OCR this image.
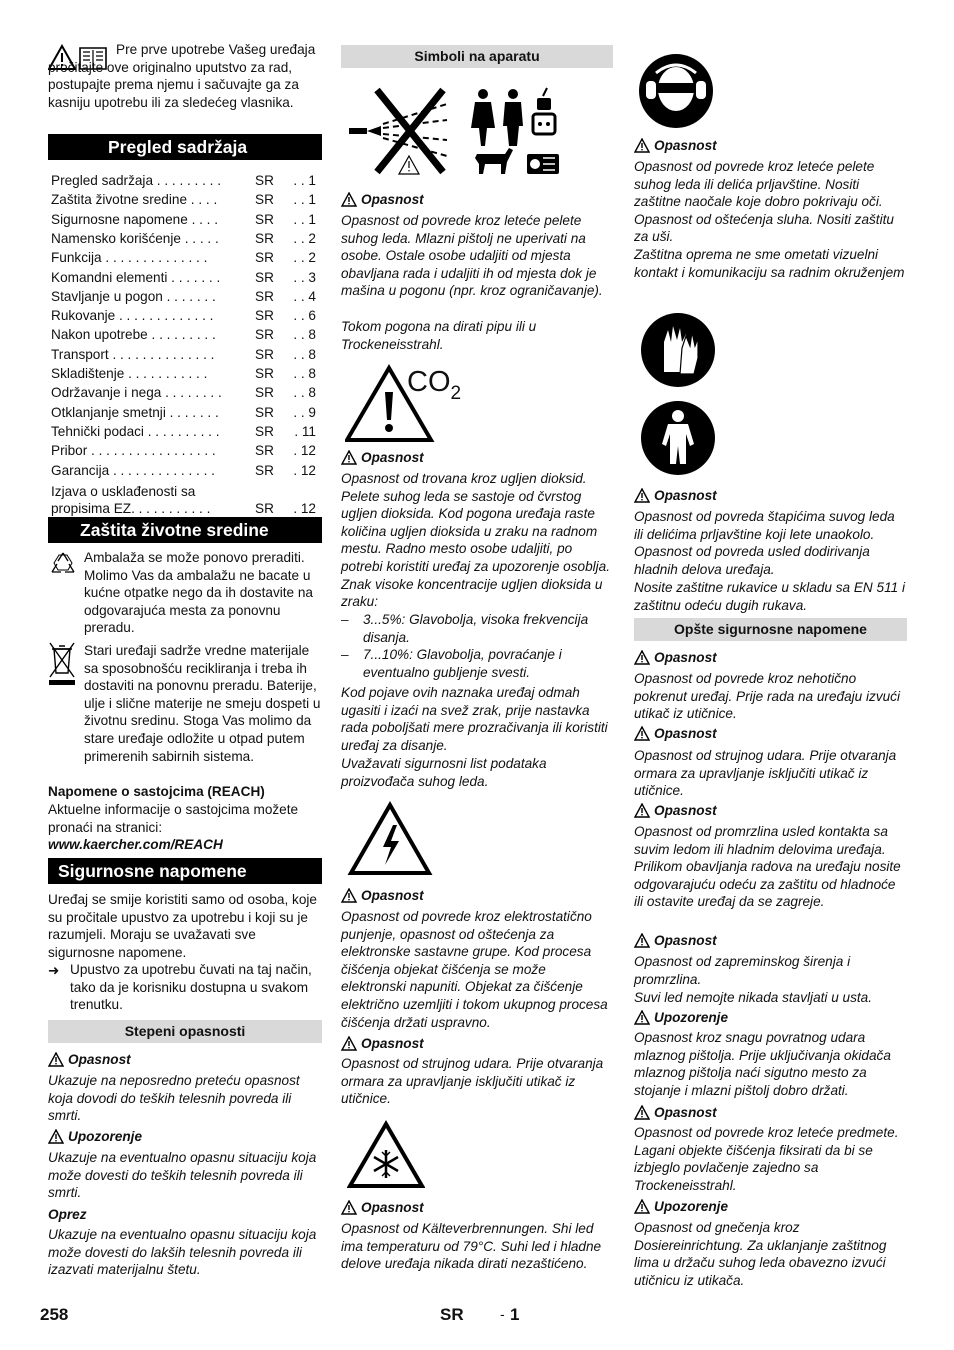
Pre prve upotrebe Vašeg uređaja pročitajte ove originalno uputstvo za rad, postupajte prema njemu i sačuvajte ga za kasniju upotrebu ili za sledećeg vlasnika.
Pregled sadržaja
Pregled sadržaja . . . . . . . . .	SR . . 1
Zaštita životne sredine . . . .	SR . . 1
Sigurnosne napomene . . . .	SR . . 1
Namensko korišćenje . . . . .	SR . . 2
Funkcija . . . . . . . . . . . . . .	SR . . 2
Komandni elementi . . . . . . .	SR . . 3
Stavljanje u pogon . . . . . . .	SR . . 4
Rukovanje . . . . . . . . . . . . .	SR . . 6
Nakon upotrebe . . . . . . . . .	SR . . 8
Transport . . . . . . . . . . . . . .	SR . . 8
Skladištenje . . . . . . . . . . .	SR . . 8
Održavanje i nega . . . . . . . . SR . . 8
Otklanjanje smetnji . . . . . . .	SR . . 9
Tehnički podaci . . . . . . . . . .	SR . 11
Pribor . . . . . . . . . . . . . . . . .	SR . 12
Garancija . . . . . . . . . . . . . .	SR . 12
Izjava o usklađenosti sa
propisima EZ. . . . . . . . . . .	SR . 12
Zaštita životne sredine
Ambalaža se može ponovo preraditi. Molimo Vas da ambalažu ne bacate u kućne otpatke nego da ih dostavite na odgovarajuća mesta za ponovnu preradu.
Stari uređaji sadrže vredne materijale sa sposobnošću recikliranja i treba ih dostaviti na ponovnu preradu. Baterije, ulje i slične materije ne smeju dospeti u životnu sredinu. Stoga Vas molimo da stare uređaje odložite u otpad putem primerenih sabirnih sistema.
Napomene o sastojcima (REACH)
Aktuelne informacije o sastojcima možete pronaći na stranici:
www.kaercher.com/REACH
Sigurnosne napomene
Uređaj se smije koristiti samo od osoba, koje su pročitale upustvo za upotrebu i koji su je razumjeli. Moraju se uvažavati sve sigurnosne napomene.
➜ Upustvo za upotrebu čuvati na taj način, tako da je korisniku dostupna u svakom trenutku.
Stepeni opasnosti
Opasnost
Ukazuje na neposredno preteću opasnost koja dovodi do teških telesnih povreda ili smrti.
Upozorenje
Ukazuje na eventualno opasnu situaciju koja može dovesti do teških telesnih povreda ili smrti.
Oprez
Ukazuje na eventualno opasnu situaciju koja može dovesti do lakših telesnih povreda ili izazvati materijalnu štetu.
Simboli na aparatu
Opasnost
Opasnost od povrede kroz leteće pelete suhog leda. Mlazni pištolj ne uperivati na osobe. Ostale osobe udaljiti od mjesta obavljana rada i udaljiti ih od mjesta dok je mašina u pogonu (npr. kroz ograničavanje).
Tokom pogona na dirati pipu ili u Trockeneisstrahl.
$CO_2$
Opasnost
Opasnost od trovana kroz ugljen dioksid. Pelete suhog leda se sastoje od čvrstog ugljen dioksida. Kod pogona uređaja raste količina ugljen dioksida u zraku na radnom mestu. Radno mesto osobe udaljiti, po potrebi koristiti uređaj za upozorenje osoblja. Znak visoke koncentracije ugljen dioksida u zraku:
– 3...5%: Glavobolja, visoka frekvencija disanja.
– 7...10%: Glavobolja, povraćanje i eventualno gubljenje svesti.
Kod pojave ovih naznaka uređaj odmah ugasiti i izaći na svež zrak, prije nastavka rada poboljšati mere prozračivanja ili koristiti uređaj za disanje.
Uvažavati sigurnosni list podataka proizvođača suhog leda.
Opasnost
Opasnost od povrede kroz elektrostatično punjenje, opasnost od oštećenja za elektronske sastavne grupe. Kod procesa čišćenja objekat čišćenja se može elektronski napuniti. Objekat za čišćenje električno uzemljiti i tokom ukupnog procesa čišćenja držati uspravno.
Opasnost
Opasnost od strujnog udara. Prije otvaranja ormara za upravljanje isključiti utikač iz utičnice.
Opasnost
Opasnost od Kälteverbrennungen. Shi led ima temperaturu od 79°C. Suhi led i hladne delove uređaja nikada dirati nezaštićeno.
Opasnost
Opasnost od povrede kroz leteće pelete suhog leda ili delića prljavštine. Nositi zaštitne naočale koje dobro pokrivaju oči. Opasnost od oštećenja sluha. Nositi zaštitu za uši.
Zaštitna oprema ne sme ometati vizuelni kontakt i komunikaciju sa radnim okruženjem
Opasnost
Opasnost od povreda štapićima suvog leda ili delićima prljavštine koji lete unaokolo. Opasnost od povreda usled dodirivanja hladnih delova uređaja.
Nosite zaštitne rukavice u skladu sa EN 511 i zaštitnu odeću dugih rukava.
Opšte sigurnosne napomene
Opasnost
Opasnost od povrede kroz nehotično pokrenut uređaj. Prije rada na uređaju izvući utikač iz utičnice.
Opasnost
Opasnost od strujnog udara. Prije otvaranja ormara za upravljanje isključiti utikač iz utičnice.
Opasnost
Opasnost od promrzlina usled kontakta sa suvim ledom ili hladnim delovima uređaja. Prilikom obavljanja radova na uređaju nosite odgovarajuću odeću za zaštitu od hladnoće ili ostavite uređaj da se zagreje.
Opasnost
Opasnost od zapreminskog širenja i promrzlina.
Suvi led nemojte nikada stavljati u usta.
Upozorenje
Opasnost kroz snagu povratnog udara mlaznog pištolja. Prije uključivanja okidača mlaznog pištolja naći sigutno mesto za stojanje i mlazni pištolj dobro držati.
Opasnost
Opasnost od povrede kroz leteće predmete. Lagani objekte čišćenja fiksirati da bi se izbjeglo povlačenje zajedno sa Trockeneisstrahl.
Upozorenje
Opasnost od gnečenja kroz Dosiereinrichtung. Za uklanjanje zaštitnog lima u držaču suhog leda obavezno izvući utičnicu iz utikača.
258	SR	- 1
